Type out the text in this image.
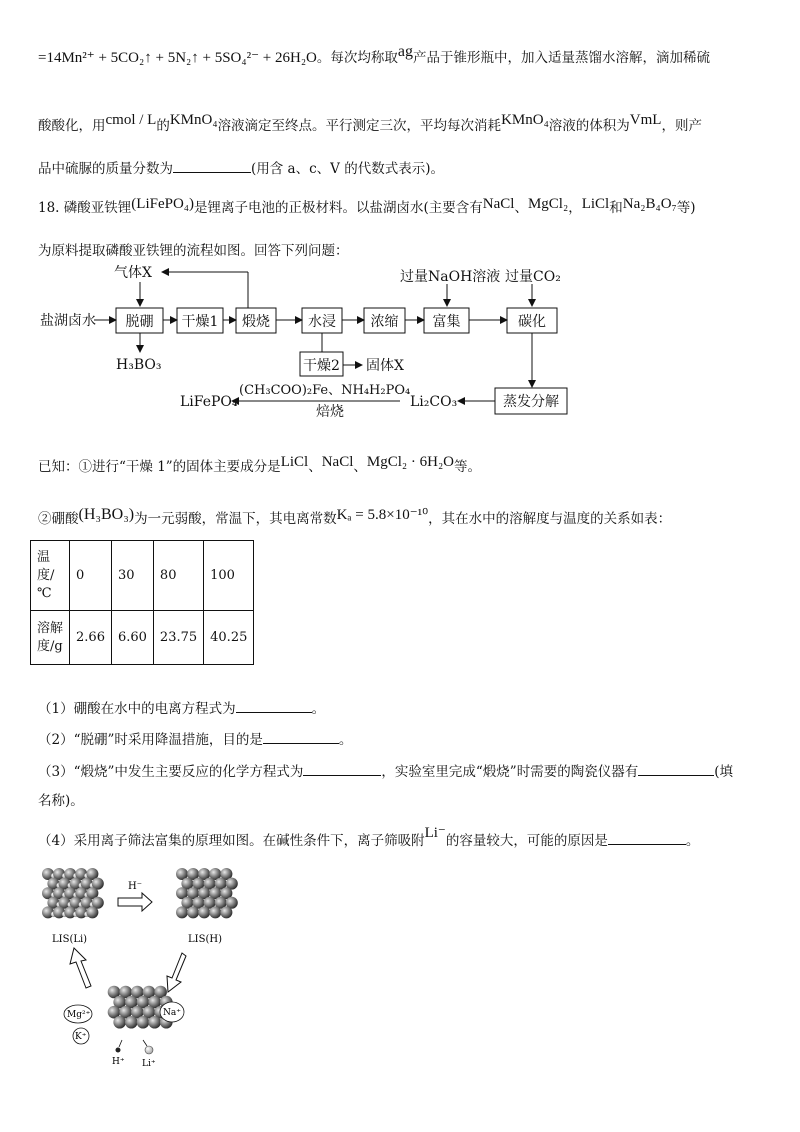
=14Mn²⁺ + 5CO₂↑ + 5N₂↑ + 5SO₄²⁻ + 26H₂O。每次均称取ag产品于锥形瓶中，加入适量蒸馏水溶解，滴加稀硫
酸酸化，用cmol / L的KMnO₄溶液滴定至终点。平行测定三次，平均每次消耗KMnO₄溶液的体积为VmL，则产
品中硫脲的质量分数为	(用含 a、c、V 的代数式表示)。
18. 磷酸亚铁锂(LiFePO₄)是锂离子电池的正极材料。以盐湖卤水(主要含有NaCl、MgCl₂，LiCl和Na₂B₄O₇等)
为原料提取磷酸亚铁锂的流程如图。回答下列问题：
气体X	过量NaOH溶液 过量CO₂
盐湖卤水 脱硼 干燥1 煅烧	水浸 浓缩 富集	碳化
H₃BO₃	干燥2 固体X
LiFePO₄
(CH₃COO)₂Fe、NH₄H₂PO₄
焙烧
Li₂CO₃	蒸发分解
已知：①进行“干燥 1”的固体主要成分是LiCl、NaCl、MgCl₂ · 6H₂O等。
②硼酸(H₃BO₃)为一元弱酸，常温下，其电离常数Kₐ = 5.8×10⁻¹⁰，其在水中的溶解度与温度的关系如表：
温
度/
℃	0	30	80	100
溶解
度/g	2.66	6.60	23.75	40.25
（1）硼酸在水中的电离方程式为	。
（2）“脱硼”时采用降温措施，目的是	。
（3）“煅烧”中发生主要反应的化学方程式为	，实验室里完成“煅烧”时需要的陶瓷仪器有	(填
名称)。
（4）采用离子筛法富集的原理如图。在碱性条件下，离子筛吸附Li⁻的容量较大，可能的原因是	。
H⁻
LIS(Li)	LIS(H)
Mg²⁺	Na⁺
K⁺
H⁺ Li⁺
